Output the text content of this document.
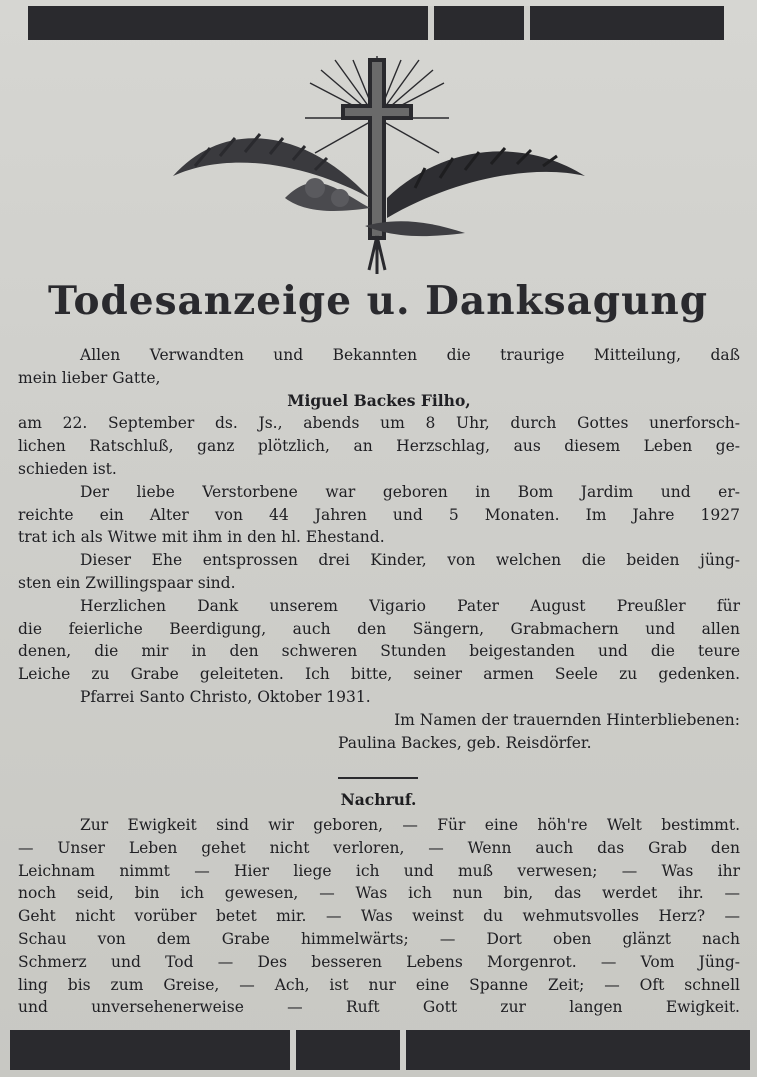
Todesanzeige u. Danksagung
Allen Verwandten und Bekannten die traurige Mitteilung, daß
mein lieber Gatte,
Miguel Backes Filho,
am 22. September ds. Js., abends um 8 Uhr, durch Gottes unerforsch-
lichen Ratschluß, ganz plötzlich, an Herzschlag, aus diesem Leben ge-
schieden ist.
Der liebe Verstorbene war geboren in Bom Jardim und er-
reichte ein Alter von 44 Jahren und 5 Monaten. Im Jahre 1927
trat ich als Witwe mit ihm in den hl. Ehestand.
Dieser Ehe entsprossen drei Kinder, von welchen die beiden jüng-
sten ein Zwillingspaar sind.
Herzlichen Dank unserem Vigario Pater August Preußler für
die feierliche Beerdigung, auch den Sängern, Grabmachern und allen
denen, die mir in den schweren Stunden beigestanden und die teure
Leiche zu Grabe geleiteten. Ich bitte, seiner armen Seele zu gedenken.
Pfarrei Santo Christo, Oktober 1931.
Im Namen der trauernden Hinterbliebenen:
Paulina Backes, geb. Reisdörfer.
Nachruf.
Zur Ewigkeit sind wir geboren, — Für eine höh're Welt bestimmt.
— Unser Leben gehet nicht verloren, — Wenn auch das Grab den
Leichnam nimmt — Hier liege ich und muß verwesen; — Was ihr
noch seid, bin ich gewesen, — Was ich nun bin, das werdet ihr. —
Geht nicht vorüber betet mir. — Was weinst du wehmutsvolles Herz? —
Schau von dem Grabe himmelwärts; — Dort oben glänzt nach
Schmerz und Tod — Des besseren Lebens Morgenrot. — Vom Jüng-
ling bis zum Greise, — Ach, ist nur eine Spanne Zeit; — Oft schnell
und unversehenerweise — Ruft Gott zur langen Ewigkeit.
